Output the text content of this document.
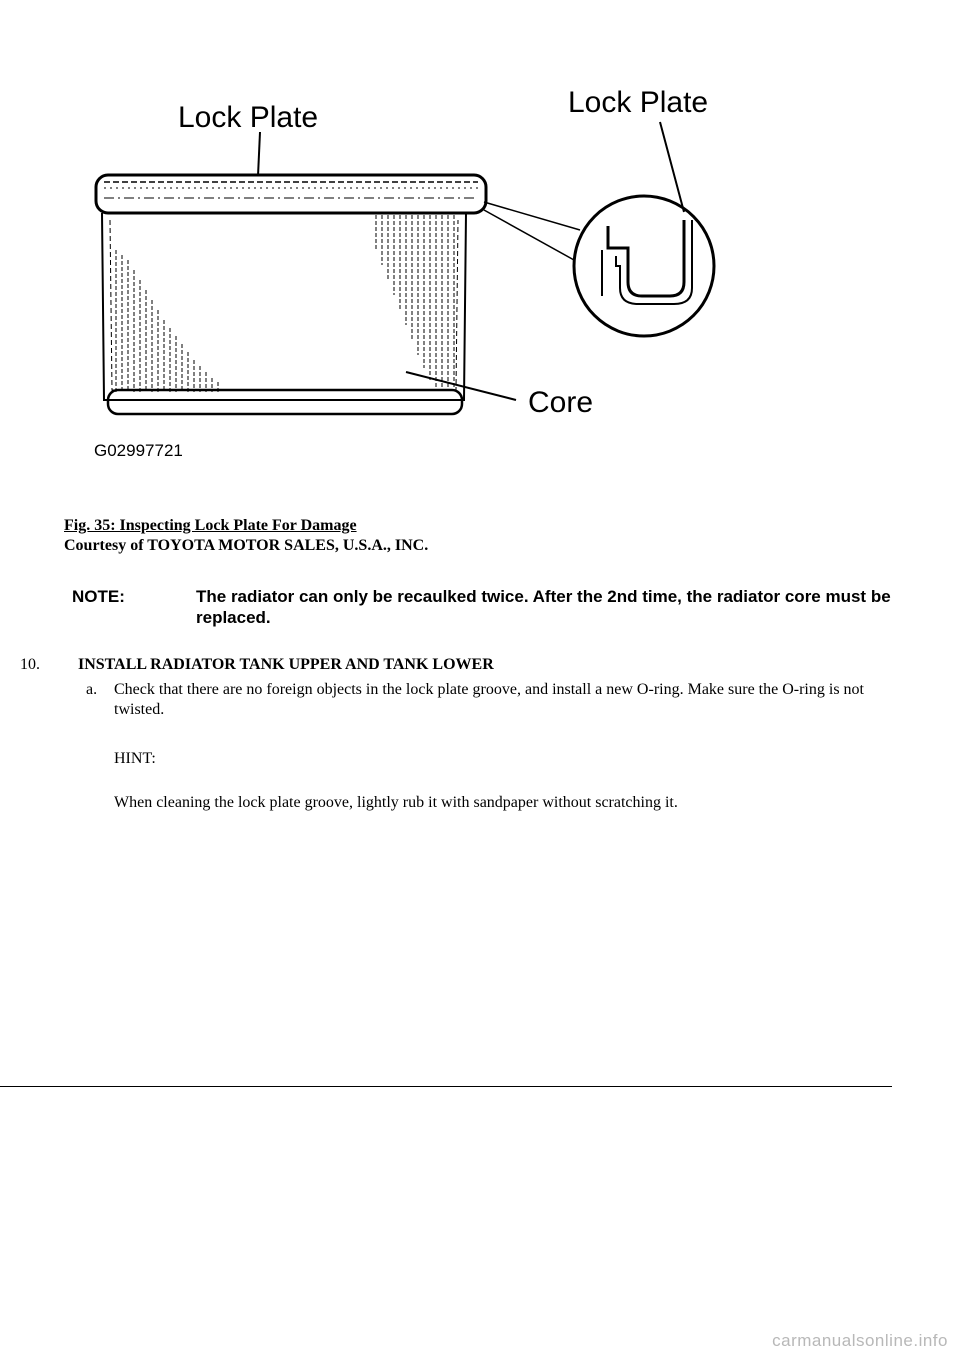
Lock Plate	Lock Plate
Core
G02997721
Fig. 35: Inspecting Lock Plate For Damage
Courtesy of TOYOTA MOTOR SALES, U.S.A., INC.
NOTE:	The radiator can only be recaulked twice. After the 2nd time, the radiator core must be replaced.
10.	INSTALL RADIATOR TANK UPPER AND TANK LOWER
a.	Check that there are no foreign objects in the lock plate groove, and install a new O-ring. Make sure the O-ring is not twisted.
HINT:
When cleaning the lock plate groove, lightly rub it with sandpaper without scratching it.
carmanualsonline.info
